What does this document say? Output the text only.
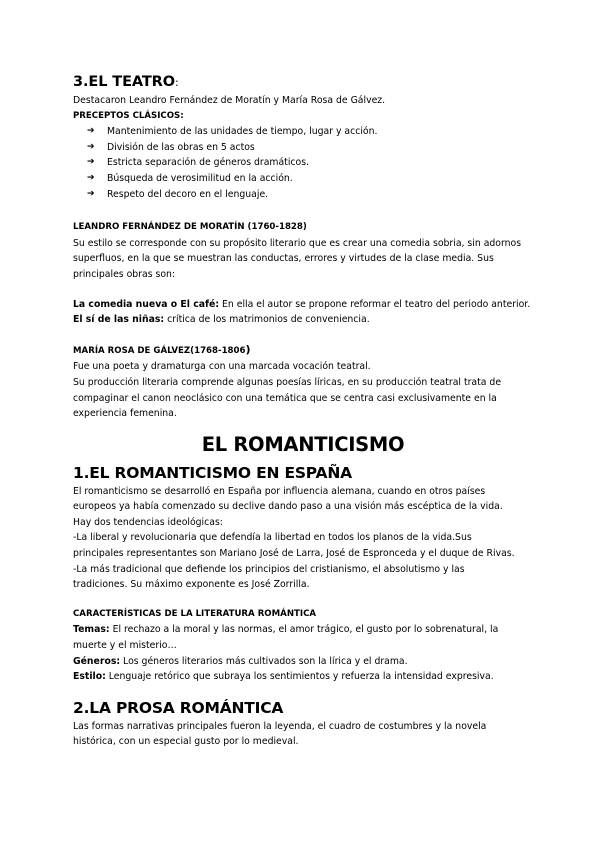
3.EL TEATRO:

Destacaron Leandro Fernández de Moratín y María Rosa de Gálvez.

PRECEPTOS CLÁSICOS:

➔ Mantenimiento de las unidades de tiempo, lugar y acción.
➔ División de las obras en 5 actos
➔ Estricta separación de géneros dramáticos.
➔ Búsqueda de verosimilitud en la acción.
➔ Respeto del decoro en el lenguaje.

LEANDRO FERNÁNDEZ DE MORATÍN (1760-1828)

Su estilo se corresponde con su propósito literario que es crear una comedia sobria, sin adornos

superfluos, en la que se muestran las conductas, errores y virtudes de la clase media. Sus

principales obras son:

La comedia nueva o El café: En ella el autor se propone reformar el teatro del periodo anterior.

El sí de las niñas: crítica de los matrimonios de conveniencia.

MARÍA ROSA DE GÁLVEZ(1768-1806)

Fue una poeta y dramaturga con una marcada vocación teatral.

Su producción literaria comprende algunas poesías líricas, en su producción teatral trata de

compaginar el canon neoclásico con una temática que se centra casi exclusivamente en la

experiencia femenina.

EL ROMANTICISMO
1.EL ROMANTICISMO EN ESPAÑA

El romanticismo se desarrolló en España por influencia alemana, cuando en otros países

europeos ya había comenzado su declive dando paso a una visión más escéptica de la vida.

Hay dos tendencias ideológicas:

-La liberal y revolucionaria que defendía la libertad en todos los planos de la vida.Sus

principales representantes son Mariano José de Larra, José de Espronceda y el duque de Rivas.

-La más tradicional que defiende los principios del cristianismo, el absolutismo y las

tradiciones. Su máximo exponente es José Zorrilla.

CARACTERÍSTICAS DE LA LITERATURA ROMÁNTICA

Temas: El rechazo a la moral y las normas, el amor trágico, el gusto por lo sobrenatural, la

muerte y el misterio…

Géneros: Los géneros literarios más cultivados son la lírica y el drama.

Estilo: Lenguaje retórico que subraya los sentimientos y refuerza la intensidad expresiva.

2.LA PROSA ROMÁNTICA

Las formas narrativas principales fueron la leyenda, el cuadro de costumbres y la novela

histórica, con un especial gusto por lo medieval.
